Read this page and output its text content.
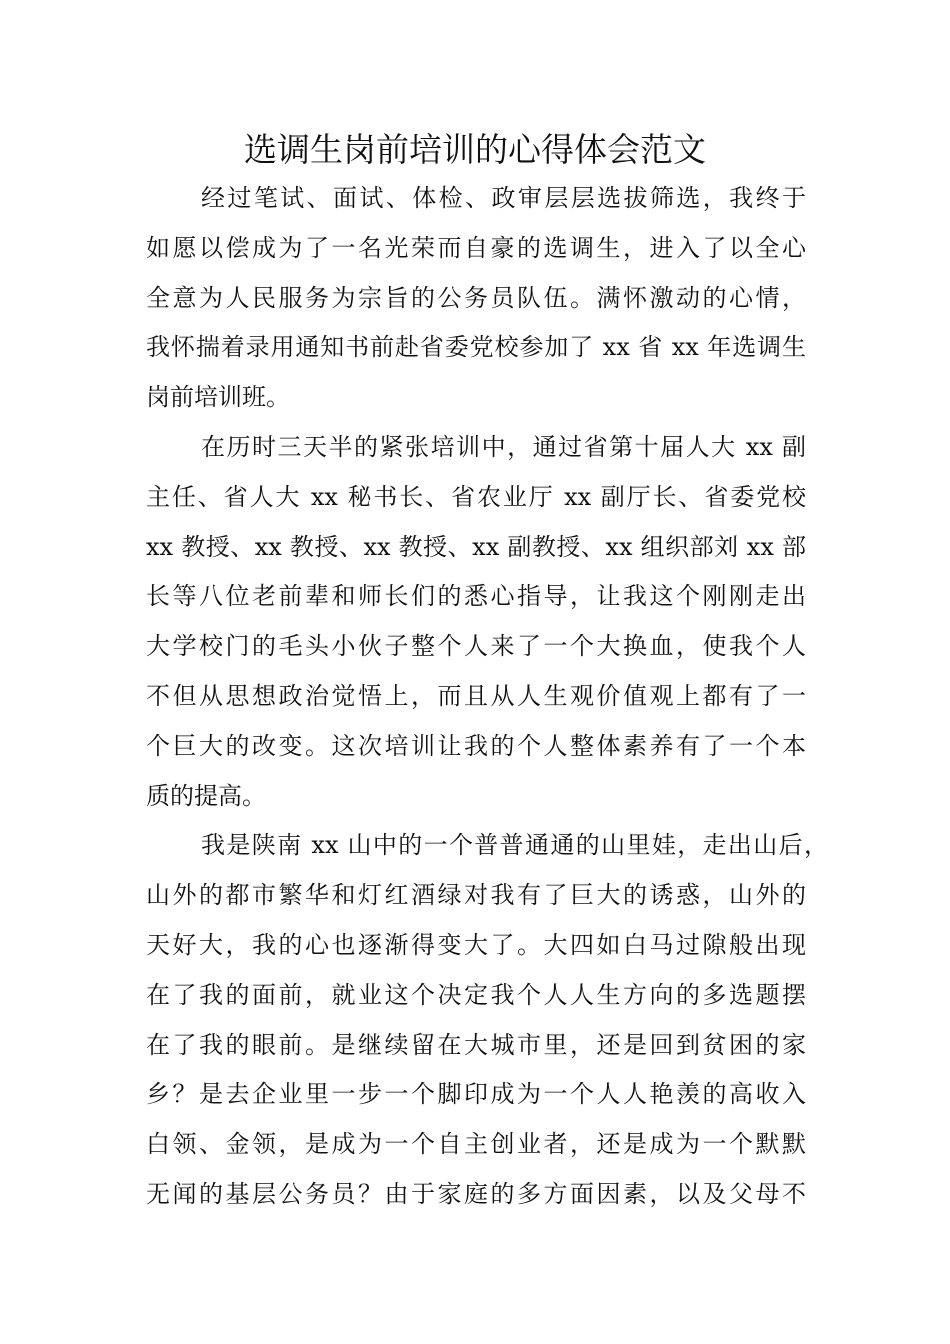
选调生岗前培训的心得体会范文
经过笔试、面试、体检、政审层层选拔筛选，我终于
如愿以偿成为了一名光荣而自豪的选调生，进入了以全心
全意为人民服务为宗旨的公务员队伍。满怀激动的心情，
我怀揣着录用通知书前赴省委党校参加了 xx 省 xx 年选调生
岗前培训班。
在历时三天半的紧张培训中，通过省第十届人大 xx 副
主任、省人大 xx 秘书长、省农业厅 xx 副厅长、省委党校
xx 教授、xx 教授、xx 教授、xx 副教授、xx 组织部刘 xx 部
长等八位老前辈和师长们的悉心指导，让我这个刚刚走出
大学校门的毛头小伙子整个人来了一个大换血，使我个人
不但从思想政治觉悟上，而且从人生观价值观上都有了一
个巨大的改变。这次培训让我的个人整体素养有了一个本
质的提高。
我是陕南 xx 山中的一个普普通通的山里娃，走出山后，
山外的都市繁华和灯红酒绿对我有了巨大的诱惑，山外的
天好大，我的心也逐渐得变大了。大四如白马过隙般出现
在了我的面前，就业这个决定我个人人生方向的多选题摆
在了我的眼前。是继续留在大城市里，还是回到贫困的家
乡？是去企业里一步一个脚印成为一个人人艳羡的高收入
白领、金领，是成为一个自主创业者，还是成为一个默默
无闻的基层公务员？由于家庭的多方面因素，以及父母不
